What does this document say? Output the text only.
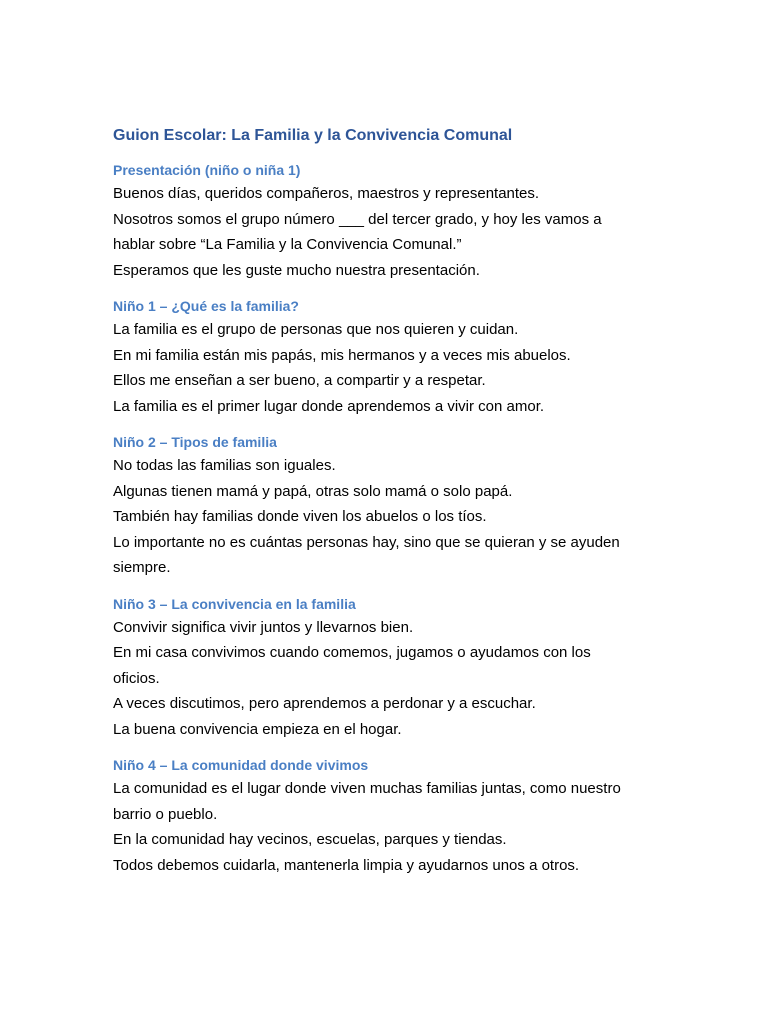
Guion Escolar: La Familia y la Convivencia Comunal
Presentación (niño o niña 1)

Buenos días, queridos compañeros, maestros y representantes.

Nosotros somos el grupo número ___ del tercer grado, y hoy les vamos a

hablar sobre “La Familia y la Convivencia Comunal.”

Esperamos que les guste mucho nuestra presentación.

Niño 1 – ¿Qué es la familia?

La familia es el grupo de personas que nos quieren y cuidan.

En mi familia están mis papás, mis hermanos y a veces mis abuelos.

Ellos me enseñan a ser bueno, a compartir y a respetar.

La familia es el primer lugar donde aprendemos a vivir con amor.

Niño 2 – Tipos de familia

No todas las familias son iguales.

Algunas tienen mamá y papá, otras solo mamá o solo papá.

También hay familias donde viven los abuelos o los tíos.

Lo importante no es cuántas personas hay, sino que se quieran y se ayuden

siempre.

Niño 3 – La convivencia en la familia

Convivir significa vivir juntos y llevarnos bien.

En mi casa convivimos cuando comemos, jugamos o ayudamos con los

oficios.

A veces discutimos, pero aprendemos a perdonar y a escuchar.

La buena convivencia empieza en el hogar.

Niño 4 – La comunidad donde vivimos

La comunidad es el lugar donde viven muchas familias juntas, como nuestro

barrio o pueblo.

En la comunidad hay vecinos, escuelas, parques y tiendas.

Todos debemos cuidarla, mantenerla limpia y ayudarnos unos a otros.
